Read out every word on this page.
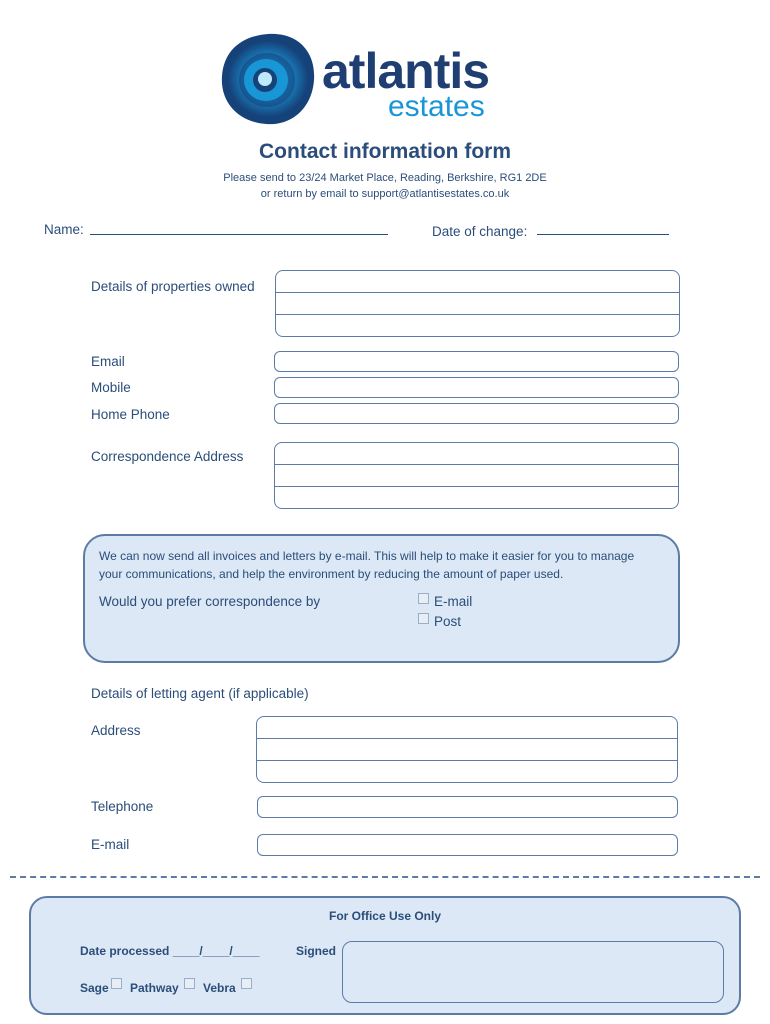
atlantis
estates
Contact information form
Please send to 23/24 Market Place, Reading, Berkshire, RG1 2DE
or return by email to support@atlantisestates.co.uk
Name:	Date of change:
Details of properties owned
Email
Mobile
Home Phone
Correspondence Address
We can now send all invoices and letters by e-mail. This will help to make it easier for you to manage
your communications, and help the environment by reducing the amount of paper used.
Would you prefer correspondence by	E-mail
Post
Details of letting agent (if applicable)
Address
Telephone
E-mail
For Office Use Only
Date processed ____/____/____	Signed
Sage Pathway Vebra
